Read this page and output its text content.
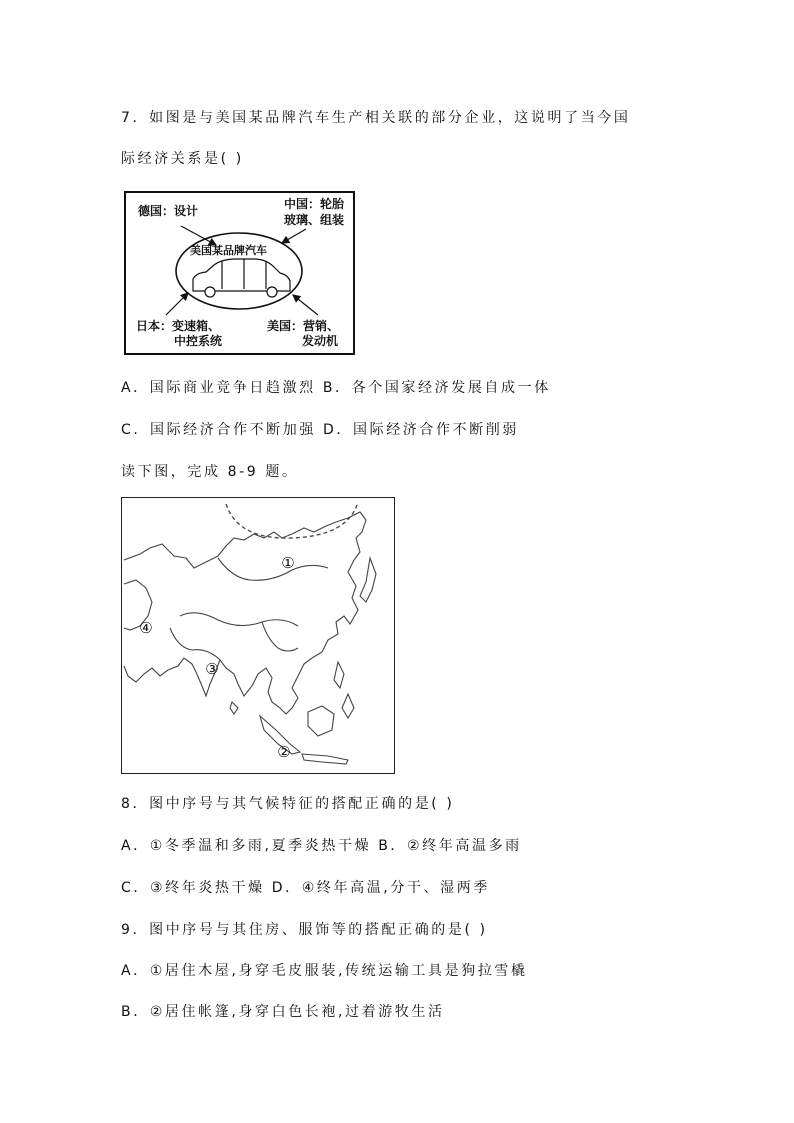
7．如图是与美国某品牌汽车生产相关联的部分企业，这说明了当今国
际经济关系是( )
德国：设计	中国：轮胎
玻璃、组装
美国某品牌汽车
日本：变速箱、
中控系统
美国：营销、
发动机
A．国际商业竞争日趋激烈 B．各个国家经济发展自成一体
C．国际经济合作不断加强 D．国际经济合作不断削弱
读下图，完成 8-9 题。
①
②
③
④
8．图中序号与其气候特征的搭配正确的是( )
A．①冬季温和多雨,夏季炎热干燥 B．②终年高温多雨
C．③终年炎热干燥 D．④终年高温,分干、湿两季
9．图中序号与其住房、服饰等的搭配正确的是( )
A．①居住木屋,身穿毛皮服装,传统运输工具是狗拉雪橇
B．②居住帐篷,身穿白色长袍,过着游牧生活
